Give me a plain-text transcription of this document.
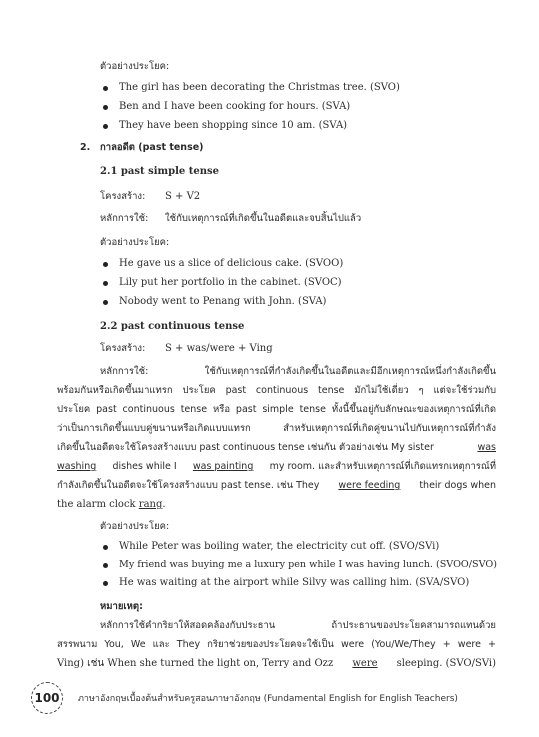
ตัวอย่างประโยค:
The girl has been decorating the Christmas tree. (SVO)
Ben and I have been cooking for hours. (SVA)
They have been shopping since 10 am. (SVA)
2. กาลอดีต (past tense)
2.1 past simple tense
โครงสร้าง: S + V2
หลักการใช้: ใช้กับเหตุการณ์ที่เกิดขึ้นในอดีตและจบสิ้นไปแล้ว
ตัวอย่างประโยค:
He gave us a slice of delicious cake. (SVOO)
Lily put her portfolio in the cabinet. (SVOC)
Nobody went to Penang with John. (SVA)
2.2 past continuous tense
โครงสร้าง: S + was/were + Ving
หลักการใช้: ใช้กับเหตุการณ์ที่กำลังเกิดขึ้นในอดีตและมีอีกเหตุการณ์หนึ่งกำลังเกิดขึ้น
พร้อมกันหรือเกิดขึ้นมาแทรก ประโยค past continuous tense มักไม่ใช้เดี่ยว ๆ แต่จะใช้ร่วมกับ
ประโยค past continuous tense หรือ past simple tense ทั้งนี้ขึ้นอยู่กับลักษณะของเหตุการณ์ที่เกิด
ว่าเป็นการเกิดขึ้นแบบคู่ขนานหรือเกิดแบบแทรก สำหรับเหตุการณ์ที่เกิดคู่ขนานไปกับเหตุการณ์ที่กำลัง
เกิดขึ้นในอดีตจะใช้โครงสร้างแบบ past continuous tense เช่นกัน ตัวอย่างเช่น My sister	was
washing dishes while I was painting my room. และสำหรับเหตุการณ์ที่เกิดแทรกเหตุการณ์ที่
กำลังเกิดขึ้นในอดีตจะใช้โครงสร้างแบบ past tense. เช่น They were feeding their dogs when
the alarm clock rang.
ตัวอย่างประโยค:
While Peter was boiling water, the electricity cut off. (SVO/SVi)
My friend was buying me a luxury pen while I was having lunch. (SVOO/SVO)
He was waiting at the airport while Silvy was calling him. (SVA/SVO)
หมายเหตุ:
หลักการใช้คำกริยาให้สอดคล้องกับประธาน ถ้าประธานของประโยคสามารถแทนด้วย
สรรพนาม You, We และ They กริยาช่วยของประโยคจะใช้เป็น were (You/We/They + were +
Ving) เช่น When she turned the light on, Terry and Ozz were sleeping. (SVO/SVi)
100 ภาษาอังกฤษเบื้องต้นสำหรับครูสอนภาษาอังกฤษ (Fundamental English for English Teachers)
